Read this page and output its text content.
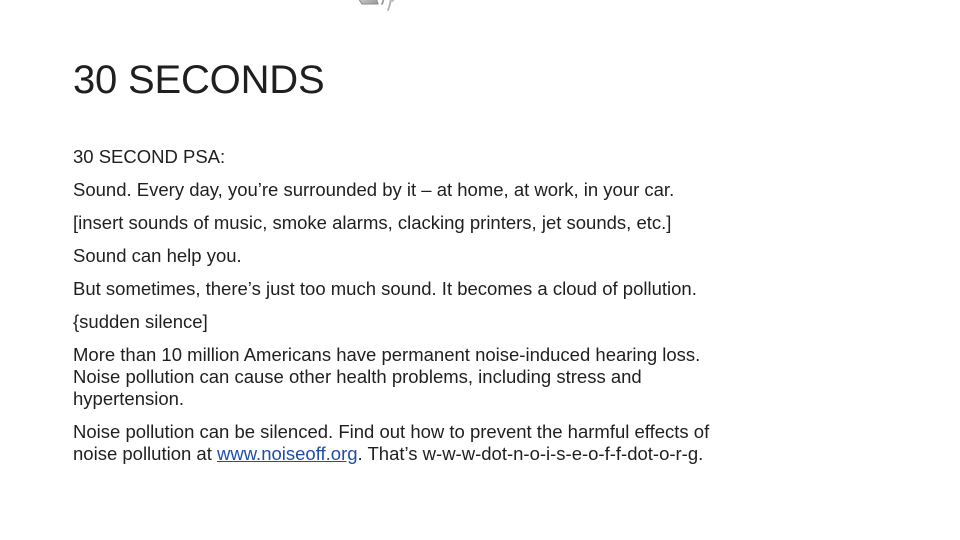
30 SECONDS
30 SECOND PSA:
Sound. Every day, you’re surrounded by it – at home, at work, in your car.
[insert sounds of music, smoke alarms, clacking printers, jet sounds, etc.]
Sound can help you.
But sometimes, there’s just too much sound. It becomes a cloud of pollution.
{sudden silence]
More than 10 million Americans have permanent noise-induced hearing loss.
Noise pollution can cause other health problems, including stress and
hypertension.
Noise pollution can be silenced. Find out how to prevent the harmful effects of
noise pollution at www.noiseoff.org. That’s w-w-w-dot-n-o-i-s-e-o-f-f-dot-o-r-g.
